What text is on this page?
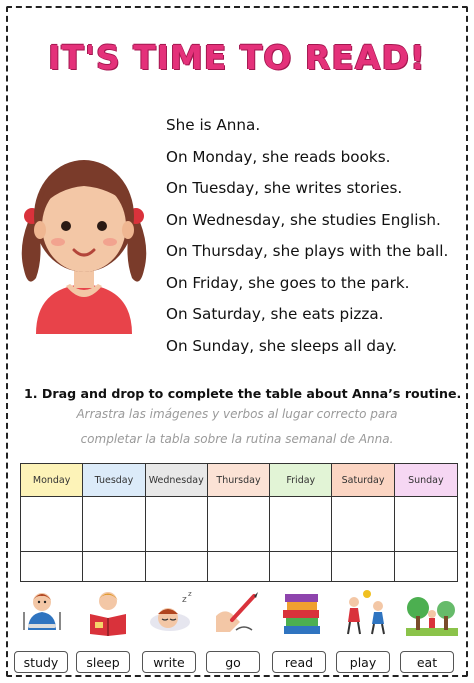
IT'S TIME TO READ!
She is Anna.
On Monday, she reads books.
On Tuesday, she writes stories.
On Wednesday, she studies English.
On Thursday, she plays with the ball.
On Friday, she goes to the park.
On Saturday, she eats pizza.
On Sunday, she sleeps all day.
1. Drag and drop to complete the table about Anna’s routine.
Arrastra las imágenes y verbos al lugar correcto para
completar la tabla sobre la rutina semanal de Anna.
Monday	Tuesday	Wednesday	Thursday	Friday	Saturday	Sunday
z
z
study	sleep	write	go	read	play	eat
